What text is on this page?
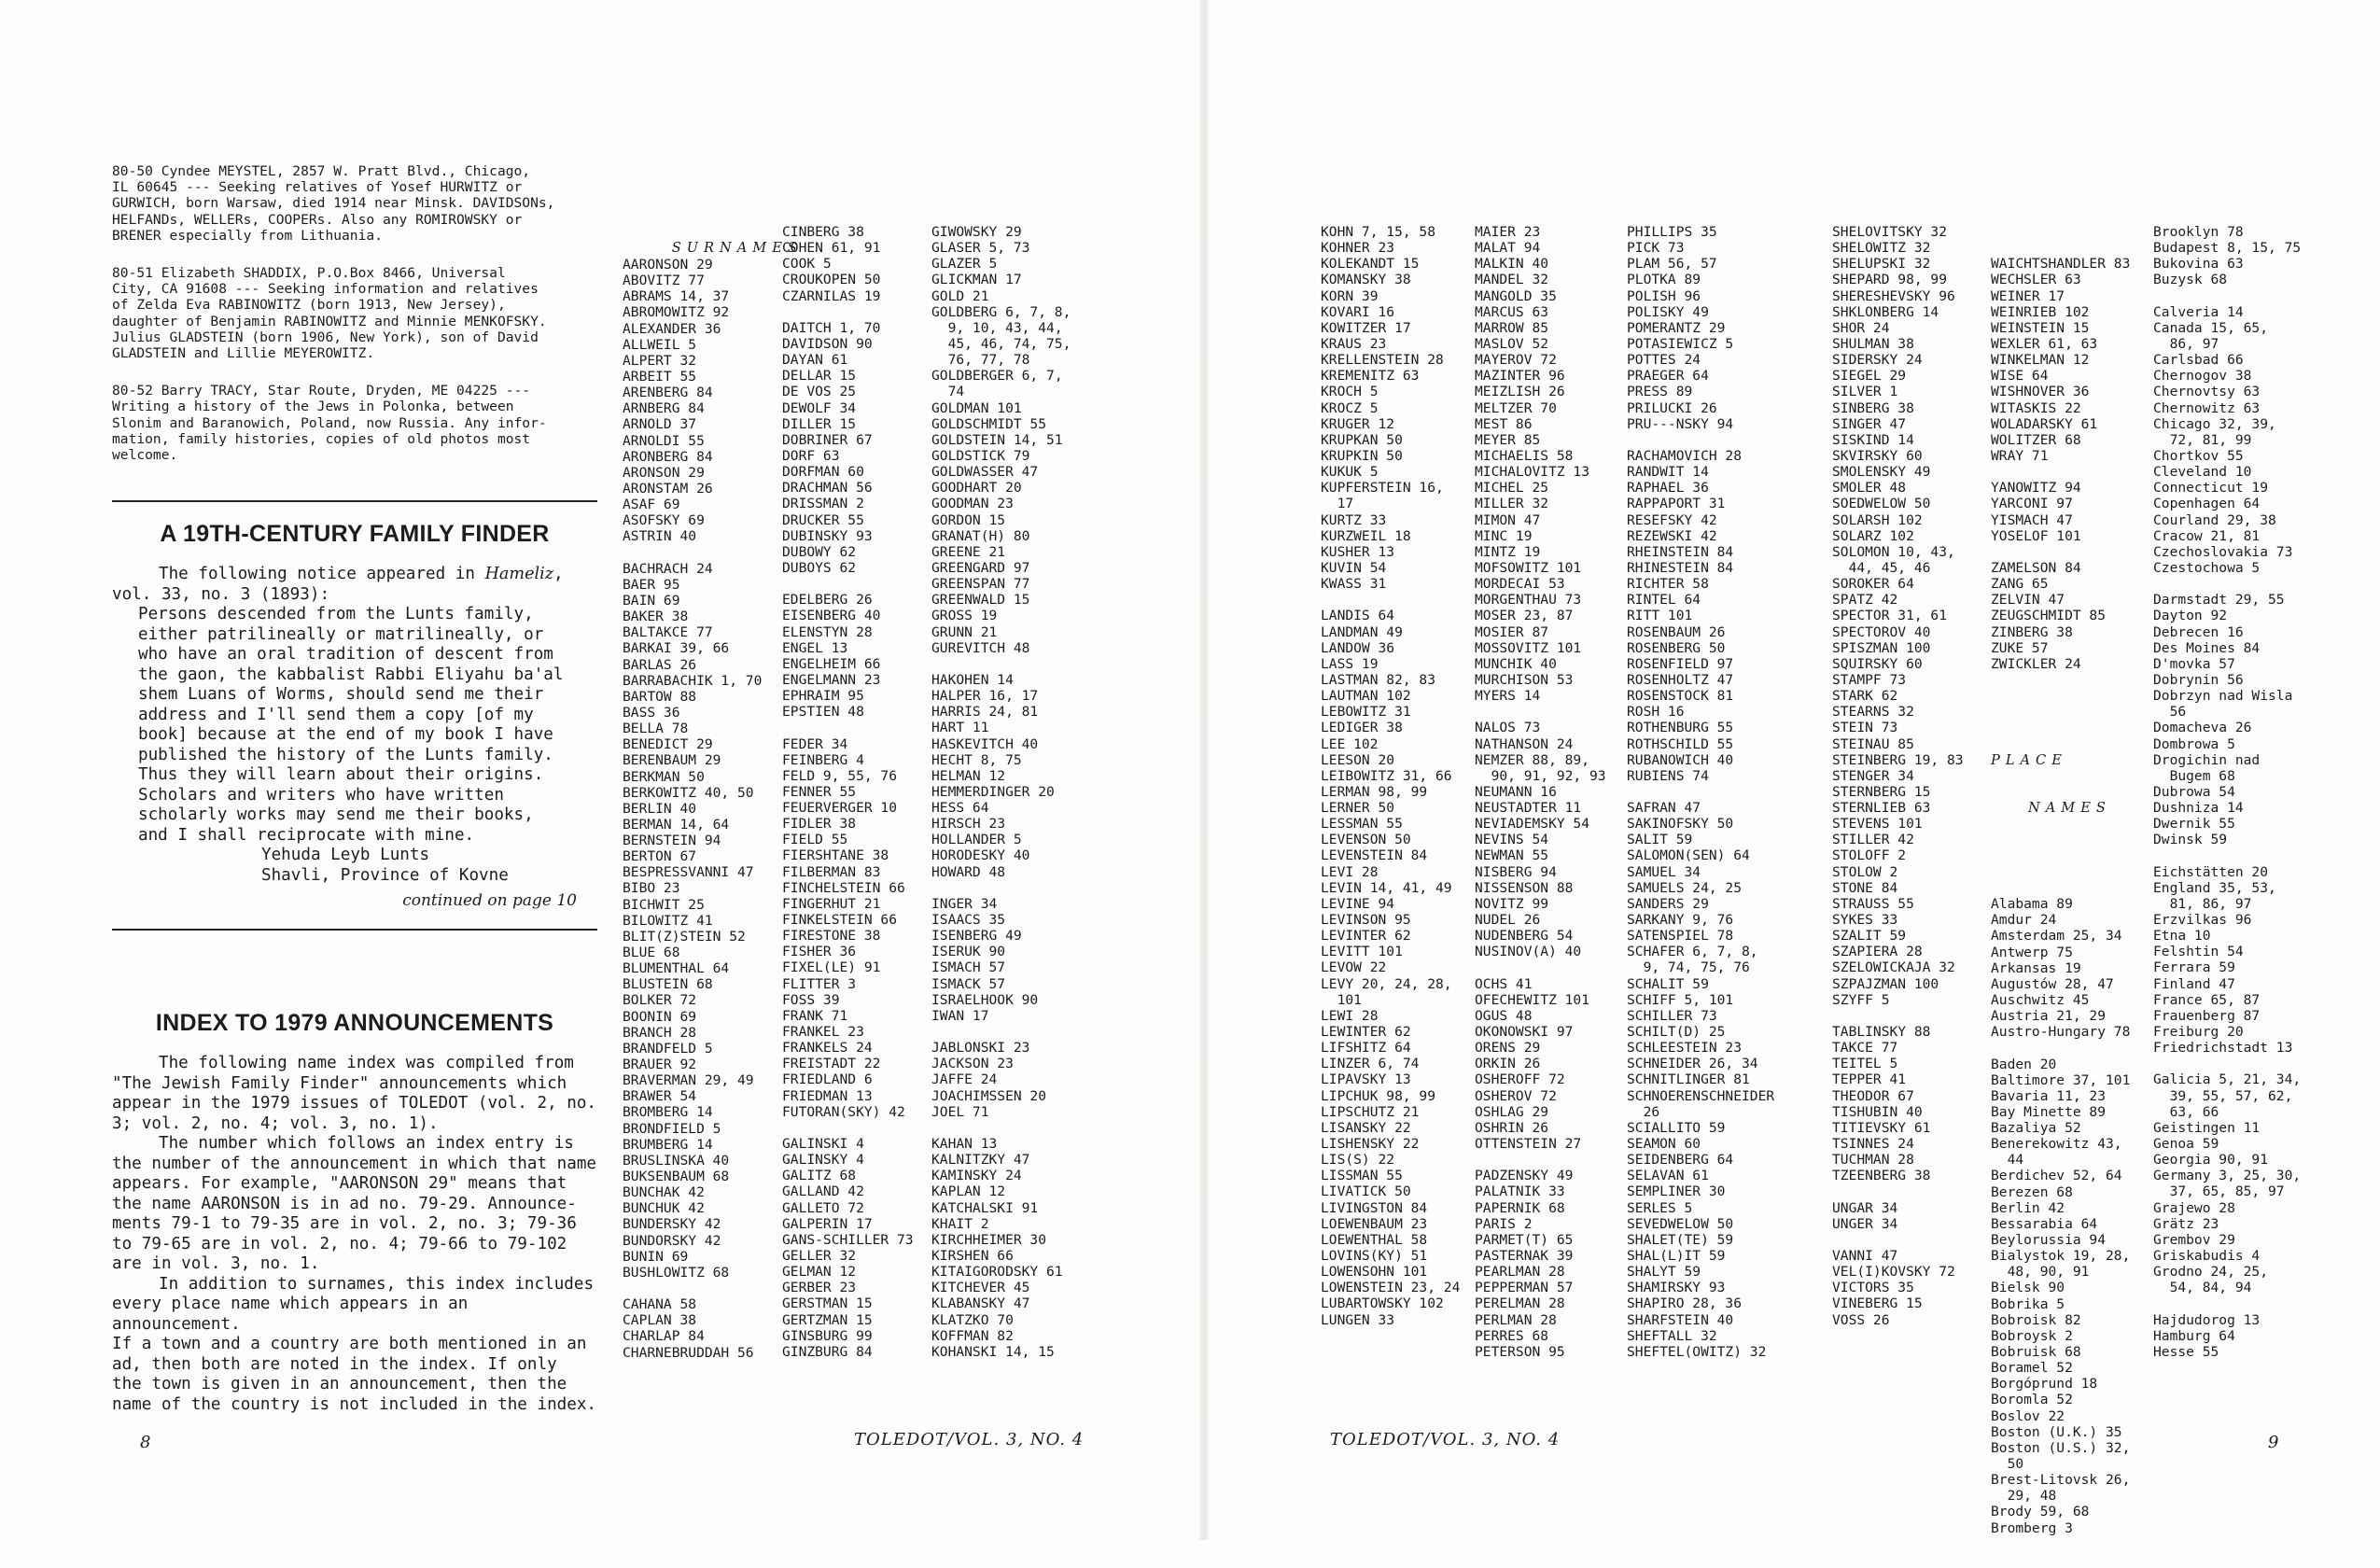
80-50 Cyndee MEYSTEL, 2857 W. Pratt Blvd., Chicago,
IL 60645 --- Seeking relatives of Yosef HURWITZ or
GURWICH, born Warsaw, died 1914 near Minsk. DAVIDSONs,
HELFANDs, WELLERs, COOPERs. Also any ROMIROWSKY or
BRENER especially from Lithuania.

80-51 Elizabeth SHADDIX, P.O.Box 8466, Universal
City, CA 91608 --- Seeking information and relatives
of Zelda Eva RABINOWITZ (born 1913, New Jersey),
daughter of Benjamin RABINOWITZ and Minnie MENKOFSKY.
Julius GLADSTEIN (born 1906, New York), son of David
GLADSTEIN and Lillie MEYEROWITZ.

80-52 Barry TRACY, Star Route, Dryden, ME 04225 ---
Writing a history of the Jews in Polonka, between
Slonim and Baranowich, Poland, now Russia. Any infor-
mation, family histories, copies of old photos most
welcome.

A 19TH-CENTURY FAMILY FINDER

The following notice appeared in Hameliz,

vol. 33, no. 3 (1893):

Persons descended from the Lunts family,

either patrilineally or matrilineally, or

who have an oral tradition of descent from

the gaon, the kabbalist Rabbi Eliyahu ba'al

shem Luans of Worms, should send me their

address and I'll send them a copy [of my

book] because at the end of my book I have

published the history of the Lunts family.

Thus they will learn about their origins.

Scholars and writers who have written

scholarly works may send me their books,

and I shall reciprocate with mine.

Yehuda Leyb Lunts

Shavli, Province of Kovne

continued on page 10

INDEX TO 1979 ANNOUNCEMENTS

The following name index was compiled from

"The Jewish Family Finder" announcements which

appear in the 1979 issues of TOLEDOT (vol. 2, no.

3; vol. 2, no. 4; vol. 3, no. 1).

The number which follows an index entry is

the number of the announcement in which that name

appears. For example, "AARONSON 29" means that

the name AARONSON is in ad no. 79-29. Announce-

ments 79-1 to 79-35 are in vol. 2, no. 3; 79-36

to 79-65 are in vol. 2, no. 4; 79-66 to 79-102

are in vol. 3, no. 1.

In addition to surnames, this index includes

every place name which appears in an announcement.

If a town and a country are both mentioned in an

ad, then both are noted in the index. If only

the town is given in an announcement, then the

name of the country is not included in the index.

SURNAMES

AARONSON 29
ABOVITZ 77
ABRAMS 14, 37
ABROMOWITZ 92
ALEXANDER 36
ALLWEIL 5
ALPERT 32
ARBEIT 55
ARENBERG 84
ARNBERG 84
ARNOLD 37
ARNOLDI 55
ARONBERG 84
ARONSON 29
ARONSTAM 26
ASAF 69
ASOFSKY 69
ASTRIN 40
BACHRACH 24
BAER 95
BAIN 69
BAKER 38
BALTAKCE 77
BARKAI 39, 66
BARLAS 26
BARRABACHIK 1, 70
BARTOW 88
BASS 36
BELLA 78
BENEDICT 29
BERENBAUM 29
BERKMAN 50
BERKOWITZ 40, 50
BERLIN 40
BERMAN 14, 64
BERNSTEIN 94
BERTON 67
BESPRESSVANNI 47
BIBO 23
BICHWIT 25
BILOWITZ 41
BLIT(Z)STEIN 52
BLUE 68
BLUMENTHAL 64
BLUSTEIN 68
BOLKER 72
BOONIN 69
BRANCH 28
BRANDFELD 5
BRAUER 92
BRAVERMAN 29, 49
BRAWER 54
BROMBERG 14
BRONDFIELD 5
BRUMBERG 14
BRUSLINSKA 40
BUKSENBAUM 68
BUNCHAK 42
BUNCHUK 42
BUNDERSKY 42
BUNDORSKY 42
BUNIN 69
BUSHLOWITZ 68
CAHANA 58
CAPLAN 38
CHARLAP 84
CHARNEBRUDDAH 56
CINBERG 38
COHEN 61, 91
COOK 5
CROUKOPEN 50
CZARNILAS 19
DAITCH 1, 70
DAVIDSON 90
DAYAN 61
DELLAR 15
DE VOS 25
DEWOLF 34
DILLER 15
DOBRINER 67
DORF 63
DORFMAN 60
DRACHMAN 56
DRISSMAN 2
DRUCKER 55
DUBINSKY 93
DUBOWY 62
DUBOYS 62
EDELBERG 26
EISENBERG 40
ELENSTYN 28
ENGEL 13
ENGELHEIM 66
ENGELMANN 23
EPHRAIM 95
EPSTIEN 48
FEDER 34
FEINBERG 4
FELD 9, 55, 76
FENNER 55
FEUERVERGER 10
FIDLER 38
FIELD 55
FIERSHTANE 38
FILBERMAN 83
FINCHELSTEIN 66
FINGERHUT 21
FINKELSTEIN 66
FIRESTONE 38
FISHER 36
FIXEL(LE) 91
FLITTER 3
FOSS 39
FRANK 71
FRANKEL 23
FRANKELS 24
FREISTADT 22
FRIEDLAND 6
FRIEDMAN 13
FUTORAN(SKY) 42
GALINSKI 4
GALINSKY 4
GALITZ 68
GALLAND 42
GALLETO 72
GALPERIN 17
GANS-SCHILLER 73
GELLER 32
GELMAN 12
GERBER 23
GERSTMAN 15
GERTZMAN 15
GINSBURG 99
GINZBURG 84
GIWOWSKY 29
GLASER 5, 73
GLAZER 5
GLICKMAN 17
GOLD 21
GOLDBERG 6, 7, 8,
9, 10, 43, 44,
45, 46, 74, 75,
76, 77, 78
GOLDBERGER 6, 7,
74
GOLDMAN 101
GOLDSCHMIDT 55
GOLDSTEIN 14, 51
GOLDSTICK 79
GOLDWASSER 47
GOODHART 20
GOODMAN 23
GORDON 15
GRANAT(H) 80
GREENE 21
GREENGARD 97
GREENSPAN 77
GREENWALD 15
GROSS 19
GRUNN 21
GUREVITCH 48
HAKOHEN 14
HALPER 16, 17
HARRIS 24, 81
HART 11
HASKEVITCH 40
HECHT 8, 75
HELMAN 12
HEMMERDINGER 20
HESS 64
HIRSCH 23
HOLLANDER 5
HORODESKY 40
HOWARD 48
INGER 34
ISAACS 35
ISENBERG 49
ISERUK 90
ISMACH 57
ISMACK 57
ISRAELHOOK 90
IWAN 17
JABLONSKI 23
JACKSON 23
JAFFE 24
JOACHIMSSEN 20
JOEL 71
KAHAN 13
KALNITZKY 47
KAMINSKY 24
KAPLAN 12
KATCHALSKI 91
KHAIT 2
KIRCHHEIMER 30
KIRSHEN 66
KITAIGORODSKY 61
KITCHEVER 45
KLABANSKY 47
KLATZKO 70
KOFFMAN 82
KOHANSKI 14, 15
8	TOLEDOT/VOL. 3, NO. 4
KOHN 7, 15, 58
KOHNER 23
KOLEKANDT 15
KOMANSKY 38
KORN 39
KOVARI 16
KOWITZER 17
KRAUS 23
KRELLENSTEIN 28
KREMENITZ 63
KROCH 5
KROCZ 5
KRUGER 12
KRUPKAN 50
KRUPKIN 50
KUKUK 5
KUPFERSTEIN 16,
17
KURTZ 33
KURZWEIL 18
KUSHER 13
KUVIN 54
KWASS 31
LANDIS 64
LANDMAN 49
LANDOW 36
LASS 19
LASTMAN 82, 83
LAUTMAN 102
LEBOWITZ 31
LEDIGER 38
LEE 102
LEESON 20
LEIBOWITZ 31, 66
LERMAN 98, 99
LERNER 50
LESSMAN 55
LEVENSON 50
LEVENSTEIN 84
LEVI 28
LEVIN 14, 41, 49
LEVINE 94
LEVINSON 95
LEVINTER 62
LEVITT 101
LEVOW 22
LEVY 20, 24, 28,
101
LEWI 28
LEWINTER 62
LIFSHITZ 64
LINZER 6, 74
LIPAVSKY 13
LIPCHUK 98, 99
LIPSCHUTZ 21
LISANSKY 22
LISHENSKY 22
LIS(S) 22
LISSMAN 55
LIVATICK 50
LIVINGSTON 84
LOEWENBAUM 23
LOEWENTHAL 58
LOVINS(KY) 51
LOWENSOHN 101
LOWENSTEIN 23, 24
LUBARTOWSKY 102
LUNGEN 33
MAIER 23
MALAT 94
MALKIN 40
MANDEL 32
MANGOLD 35
MARCUS 63
MARROW 85
MASLOV 52
MAYEROV 72
MAZINTER 96
MEIZLISH 26
MELTZER 70
MEST 86
MEYER 85
MICHAELIS 58
MICHALOVITZ 13
MICHEL 25
MILLER 32
MIMON 47
MINC 19
MINTZ 19
MOFSOWITZ 101
MORDECAI 53
MORGENTHAU 73
MOSER 23, 87
MOSIER 87
MOSSOVITZ 101
MUNCHIK 40
MURCHISON 53
MYERS 14
NALOS 73
NATHANSON 24
NEMZER 88, 89,
90, 91, 92, 93
NEUMANN 16
NEUSTADTER 11
NEVIADEMSKY 54
NEVINS 54
NEWMAN 55
NISBERG 94
NISSENSON 88
NOVITZ 99
NUDEL 26
NUDENBERG 54
NUSINOV(A) 40
OCHS 41
OFECHEWITZ 101
OGUS 48
OKONOWSKI 97
ORENS 29
ORKIN 26
OSHEROFF 72
OSHEROV 72
OSHLAG 29
OSHRIN 26
OTTENSTEIN 27
PADZENSKY 49
PALATNIK 33
PAPERNIK 68
PARIS 2
PARMET(T) 65
PASTERNAK 39
PEARLMAN 28
PEPPERMAN 57
PERELMAN 28
PERLMAN 28
PERRES 68
PETERSON 95
PHILLIPS 35
PICK 73
PLAM 56, 57
PLOTKA 89
POLISH 96
POLISKY 49
POMERANTZ 29
POTASIEWICZ 5
POTTES 24
PRAEGER 64
PRESS 89
PRILUCKI 26
PRU---NSKY 94
RACHAMOVICH 28
RANDWIT 14
RAPHAEL 36
RAPPAPORT 31
RESEFSKY 42
REZEWSKI 42
RHEINSTEIN 84
RHINESTEIN 84
RICHTER 58
RINTEL 64
RITT 101
ROSENBAUM 26
ROSENBERG 50
ROSENFIELD 97
ROSENHOLTZ 47
ROSENSTOCK 81
ROSH 16
ROTHENBURG 55
ROTHSCHILD 55
RUBANOWICH 40
RUBIENS 74
SAFRAN 47
SAKINOFSKY 50
SALIT 59
SALOMON(SEN) 64
SAMUEL 34
SAMUELS 24, 25
SANDERS 29
SARKANY 9, 76
SATENSPIEL 78
SCHAFER 6, 7, 8,
9, 74, 75, 76
SCHALIT 59
SCHIFF 5, 101
SCHILLER 73
SCHILT(D) 25
SCHLEESTEIN 23
SCHNEIDER 26, 34
SCHNITLINGER 81
SCHNOERENSCHNEIDER
26
SCIALLITO 59
SEAMON 60
SEIDENBERG 64
SELAVAN 61
SEMPLINER 30
SERLES 5
SEVEDWELOW 50
SHALET(TE) 59
SHAL(L)IT 59
SHALYT 59
SHAMIRSKY 93
SHAPIRO 28, 36
SHARFSTEIN 40
SHEFTALL 32
SHEFTEL(OWITZ) 32
SHELOVITSKY 32
SHELOWITZ 32
SHELUPSKI 32
SHEPARD 98, 99
SHERESHEVSKY 96
SHKLONBERG 14
SHOR 24
SHULMAN 38
SIDERSKY 24
SIEGEL 29
SILVER 1
SINBERG 38
SINGER 47
SISKIND 14
SKVIRSKY 60
SMOLENSKY 49
SMOLER 48
SOEDWELOW 50
SOLARSH 102
SOLARZ 102
SOLOMON 10, 43,
44, 45, 46
SOROKER 64
SPATZ 42
SPECTOR 31, 61
SPECTOROV 40
SPISZMAN 100
SQUIRSKY 60
STAMPF 73
STARK 62
STEARNS 32
STEIN 73
STEINAU 85
STEINBERG 19, 83
STENGER 34
STERNBERG 15
STERNLIEB 63
STEVENS 101
STILLER 42
STOLOFF 2
STOLOW 2
STONE 84
STRAUSS 55
SYKES 33
SZALIT 59
SZAPIERA 28
SZELOWICKAJA 32
SZPAJZMAN 100
SZYFF 5
TABLINSKY 88
TAKCE 77
TEITEL 5
TEPPER 41
THEODOR 67
TISHUBIN 40
TITIEVSKY 61
TSINNES 24
TUCHMAN 28
TZEENBERG 38
UNGAR 34
UNGER 34
VANNI 47
VEL(I)KOVSKY 72
VICTORS 35
VINEBERG 15
VOSS 26

WAICHTSHANDLER 83
WECHSLER 63
WEINER 17
WEINRIEB 102
WEINSTEIN 15
WEXLER 61, 63
WINKELMAN 12
WISE 64
WISHNOVER 36
WITASKIS 22
WOLADARSKY 61
WOLITZER 68
WRAY 71
YANOWITZ 94
YARCONI 97
YISMACH 47
YOSELOF 101
ZAMELSON 84
ZANG 65
ZELVIN 47
ZEUGSCHMIDT 85
ZINBERG 38
ZUKE 57
ZWICKLER 24

PLACE

NAMES

Alabama 89
Amdur 24
Amsterdam 25, 34
Antwerp 75
Arkansas 19
Augustów 28, 47
Auschwitz 45
Austria 21, 29
Austro-Hungary 78
Baden 20
Baltimore 37, 101
Bavaria 11, 23
Bay Minette 89
Bazaliya 52
Benerekowitz 43,
44
Berdichev 52, 64
Berezen 68
Berlin 42
Bessarabia 64
Beylorussia 94
Bialystok 19, 28,
48, 90, 91
Bielsk 90
Bobrika 5
Bobroisk 82
Bobroysk 2
Bobruisk 68
Boramel 52
Borgóprund 18
Boromla 52
Boslov 22
Boston (U.K.) 35
Boston (U.S.) 32,
50
Brest-Litovsk 26,
29, 48
Brody 59, 68
Bromberg 3

Brooklyn 78
Budapest 8, 15, 75
Bukovina 63
Buzysk 68
Calveria 14
Canada 15, 65,
86, 97
Carlsbad 66
Chernogov 38
Chernovtsy 63
Chernowitz 63
Chicago 32, 39,
72, 81, 99
Chortkov 55
Cleveland 10
Connecticut 19
Copenhagen 64
Courland 29, 38
Cracow 21, 81
Czechoslovakia 73
Czestochowa 5
Darmstadt 29, 55
Dayton 92
Debrecen 16
Des Moines 84
D'movka 57
Dobrynin 56
Dobrzyn nad Wisla
56
Domacheva 26
Dombrowa 5
Drogichin nad
Bugem 68
Dubrowa 54
Dushniza 14
Dwernik 55
Dwinsk 59
Eichstätten 20
England 35, 53,
81, 86, 97
Erzvilkas 96
Etna 10
Felshtin 54
Ferrara 59
Finland 47
France 65, 87
Frauenberg 87
Freiburg 20
Friedrichstadt 13
Galicia 5, 21, 34,
39, 55, 57, 62,
63, 66
Geistingen 11
Genoa 59
Georgia 90, 91
Germany 3, 25, 30,
37, 65, 85, 97
Grajewo 28
Grätz 23
Grembov 29
Griskabudis 4
Grodno 24, 25,
54, 84, 94
Hajdudorog 13
Hamburg 64
Hesse 55
TOLEDOT/VOL. 3, NO. 4	9
